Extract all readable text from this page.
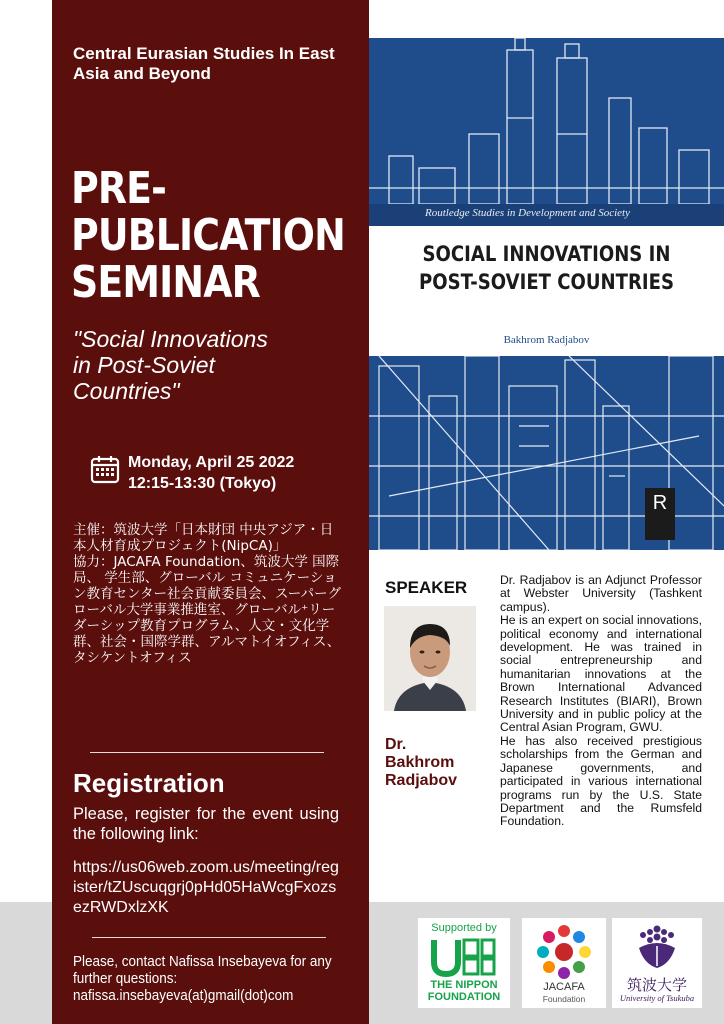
Central Eurasian Studies In East Asia and Beyond
PRE-
PUBLICATION
SEMINAR
"Social Innovations
in Post-Soviet
Countries"
Monday, April 25 2022
12:15-13:30 (Tokyo)
主催：筑波大学「日本財団 中央アジア・日本人材育成プロジェクト(NipCA)」
協力：JACAFA Foundation、筑波大学 国際局、 学生部、グローバル コミュニケーション教育センター社会貢献委員会、スーパーグローバル大学事業推進室、グローバル⁺リーダーシップ教育プログラム、人文・文化学群、社会・国際学群、アルマトイオフィス、タシケントオフィス
Registration
Please, register for the event using the following link:
https://us06web.zoom.us/meeting/register/tZUscuqgrj0pHd05HaWcgFxozsezRWDxlzXK
Please, contact Nafissa Insebayeva for any further questions:
nafissa.insebayeva(at)gmail(dot)com
Routledge Studies in Development and Society
SOCIAL INNOVATIONS IN
POST-SOVIET COUNTRIES
Bakhrom Radjabov
R
SPEAKER
Dr.
Bakhrom
Radjabov

Dr. Radjabov is an Adjunct Professor at Webster University (Tashkent campus).

He is an expert on social innovations, political economy and international development. He was trained in social entrepreneurship and humanitarian innovations at the Brown International Advanced Research Institutes (BIARI), Brown University and in public policy at the Central Asian Program, GWU.

He has also received prestigious scholarships from the German and Japanese governments, and participated in various international programs run by the U.S. State Department and the Rumsfeld Foundation.

Supported by
THE NIPPON
FOUNDATION
JACAFA
Foundation
筑波大学
University of Tsukuba
